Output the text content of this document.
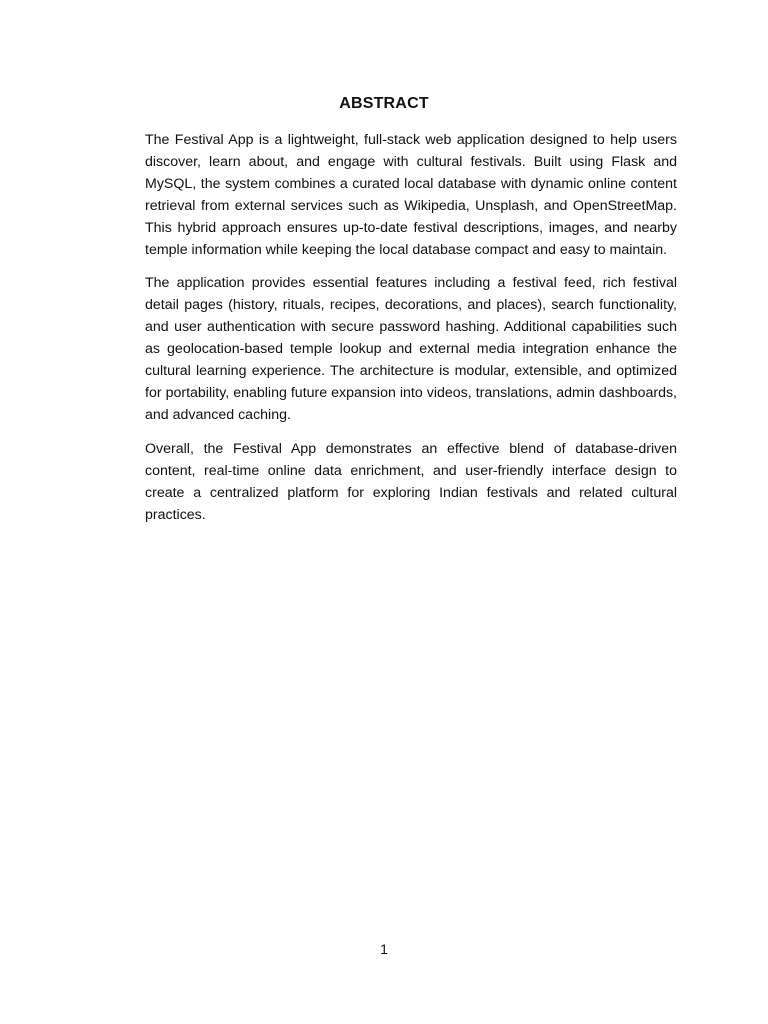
ABSTRACT

The Festival App is a lightweight, full-stack web application designed to help users discover, learn about, and engage with cultural festivals. Built using Flask and MySQL, the system combines a curated local database with dynamic online content retrieval from external services such as Wikipedia, Unsplash, and OpenStreetMap. This hybrid approach ensures up-to-date festival descriptions, images, and nearby temple information while keeping the local database compact and easy to maintain.

The application provides essential features including a festival feed, rich festival detail pages (history, rituals, recipes, decorations, and places), search functionality, and user authentication with secure password hashing. Additional capabilities such as geolocation-based temple lookup and external media integration enhance the cultural learning experience. The architecture is modular, extensible, and optimized for portability, enabling future expansion into videos, translations, admin dashboards, and advanced caching.

Overall, the Festival App demonstrates an effective blend of database-driven content, real-time online data enrichment, and user-friendly interface design to create a centralized platform for exploring Indian festivals and related cultural practices.

1
